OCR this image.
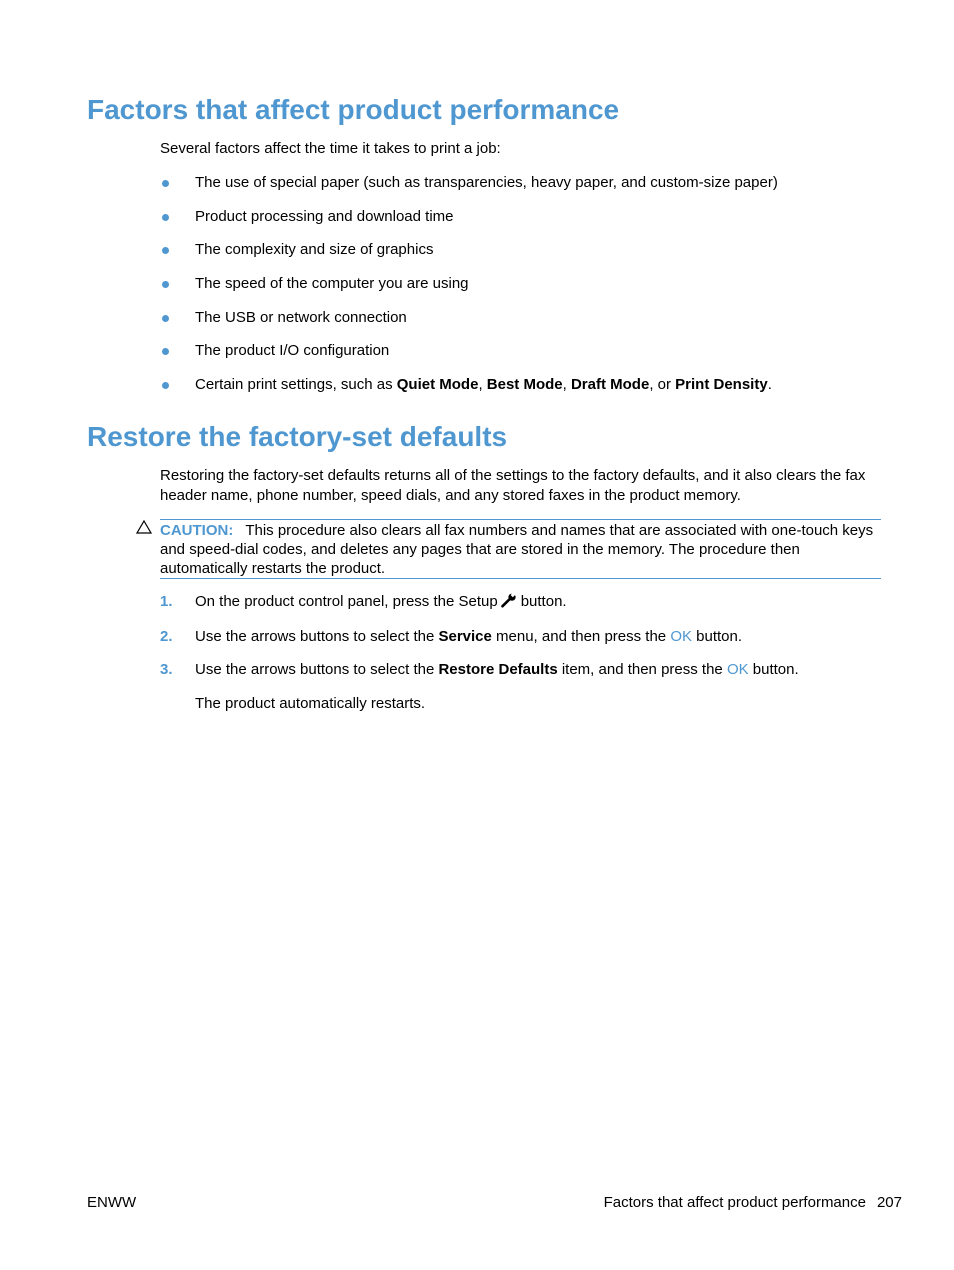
Factors that affect product performance

Several factors affect the time it takes to print a job:

The use of special paper (such as transparencies, heavy paper, and custom-size paper)
Product processing and download time
The complexity and size of graphics
The speed of the computer you are using
The USB or network connection
The product I/O configuration
Certain print settings, such as Quiet Mode, Best Mode, Draft Mode, or Print Density.
Restore the factory-set defaults

Restoring the factory-set defaults returns all of the settings to the factory defaults, and it also clears the fax header name, phone number, speed dials, and any stored faxes in the product memory.

CAUTION: This procedure also clears all fax numbers and names that are associated with one-touch keys and speed-dial codes, and deletes any pages that are stored in the memory. The procedure then automatically restarts the product.
1. On the product control panel, press the Setup button.
2. Use the arrows buttons to select the Service menu, and then press the OK button.
3. Use the arrows buttons to select the Restore Defaults item, and then press the OK button.
The product automatically restarts.
ENWW	Factors that affect product performance 207
